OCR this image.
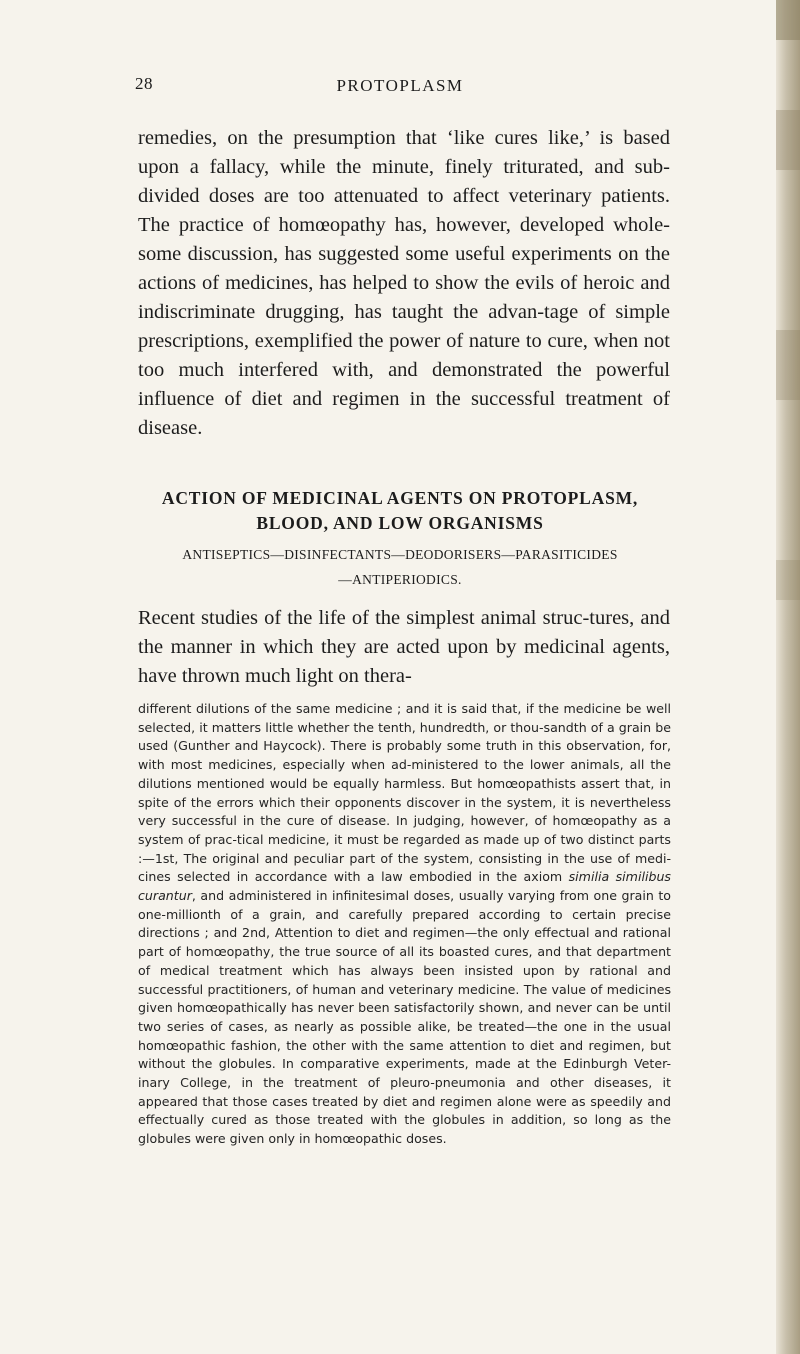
28	PROTOPLASM

remedies, on the presumption that ‘like cures like,’ is based upon a fallacy, while the minute, finely triturated, and sub-divided doses are too attenuated to affect veterinary patients. The practice of homœopathy has, however, developed whole-some discussion, has suggested some useful experiments on the actions of medicines, has helped to show the evils of heroic and indiscriminate drugging, has taught the advan-tage of simple prescriptions, exemplified the power of nature to cure, when not too much interfered with, and demonstrated the powerful influence of diet and regimen in the successful treatment of disease.

ACTION OF MEDICINAL AGENTS ON PROTOPLASM,
BLOOD, AND LOW ORGANISMS
ANTISEPTICS—DISINFECTANTS—DEODORISERS—PARASITICIDES
—ANTIPERIODICS.

Recent studies of the life of the simplest animal struc-tures, and the manner in which they are acted upon by medicinal agents, have thrown much light on thera-

different dilutions of the same medicine ; and it is said that, if the medicine be well selected, it matters little whether the tenth, hundredth, or thou-sandth of a grain be used (Gunther and Haycock). There is probably some truth in this observation, for, with most medicines, especially when ad-ministered to the lower animals, all the dilutions mentioned would be equally harmless. But homœopathists assert that, in spite of the errors which their opponents discover in the system, it is nevertheless very successful in the cure of disease. In judging, however, of homœopathy as a system of prac-tical medicine, it must be regarded as made up of two distinct parts :—1st, The original and peculiar part of the system, consisting in the use of medi-cines selected in accordance with a law embodied in the axiom similia similibus curantur, and administered in infinitesimal doses, usually varying from one grain to one-millionth of a grain, and carefully prepared according to certain precise directions ; and 2nd, Attention to diet and regimen—the only effectual and rational part of homœopathy, the true source of all its boasted cures, and that department of medical treatment which has always been insisted upon by rational and successful practitioners, of human and veterinary medicine. The value of medicines given homœopathically has never been satisfactorily shown, and never can be until two series of cases, as nearly as possible alike, be treated—the one in the usual homœopathic fashion, the other with the same attention to diet and regimen, but without the globules. In comparative experiments, made at the Edinburgh Veter-inary College, in the treatment of pleuro-pneumonia and other diseases, it appeared that those cases treated by diet and regimen alone were as speedily and effectually cured as those treated with the globules in addition, so long as the globules were given only in homœopathic doses.
